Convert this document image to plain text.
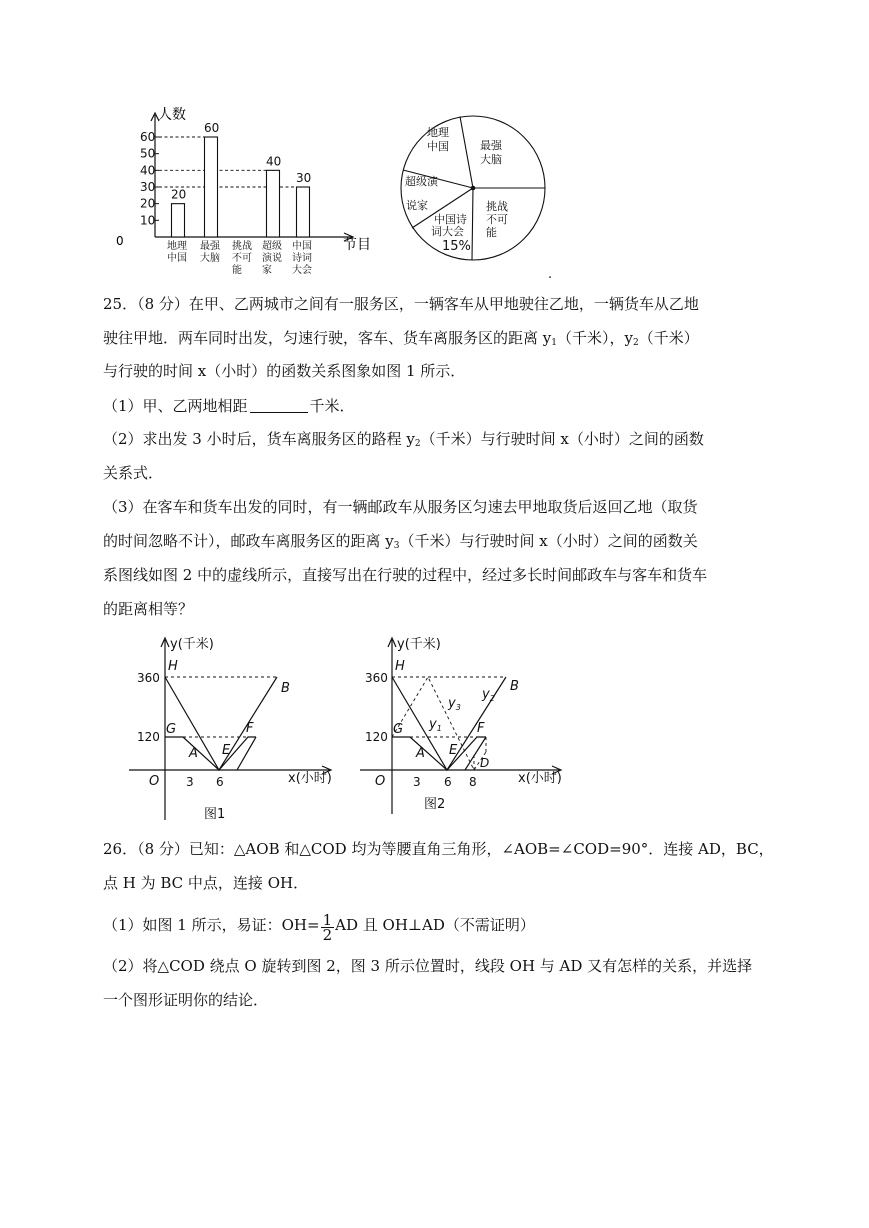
10
20
30
40
50
60
20
60
40
30
地理
中国
最强
大脑
挑战
不可
能
超级
演说
家
中国
诗词
大会
人数
节目
0
地理
中国	最强
大脑
超级演
说家
中国诗
词大会
15%
挑战
不可
能
.
25．（8 分）在甲、乙两城市之间有一服务区，一辆客车从甲地驶往乙地，一辆货车从乙地
驶往甲地．两车同时出发，匀速行驶，客车、货车离服务区的距离 $y_1$（千米），$y_2$（千米）
与行驶的时间 x（小时）的函数关系图象如图 1 所示．
（1）甲、乙两地相距	千米．
（2）求出发 3 小时后，货车离服务区的路程 $y_2$（千米）与行驶时间 x（小时）之间的函数
关系式．
（3）在客车和货车出发的同时，有一辆邮政车从服务区匀速去甲地取货后返回乙地（取货
的时间忽略不计），邮政车离服务区的距离 $y_3$（千米）与行驶时间 x（小时）之间的函数关
系图线如图 2 中的虚线所示，直接写出在行驶的过程中，经过多长时间邮政车与客车和货车
的距离相等？
y(千米)
x(小时)
O
360
120
3 6
H
G
A E
F
B
图1
y(千米)
x(小时)
O
360
120
3 6 8
H
G
A E
F
B
D
$y_3$
$y_1$
$y_2$
图2
26．（8 分）已知：△AOB 和△COD 均为等腰直角三角形，∠AOB=∠COD=90°．连接 AD，BC，
点 H 为 BC 中点，连接 OH．
（1）如图 1 所示，易证：$OH= \frac{1}{2}$ AD 且 OH⊥AD（不需证明）
（2）将△COD 绕点 O 旋转到图 2，图 3 所示位置时，线段 OH 与 AD 又有怎样的关系，并选择
一个图形证明你的结论．
